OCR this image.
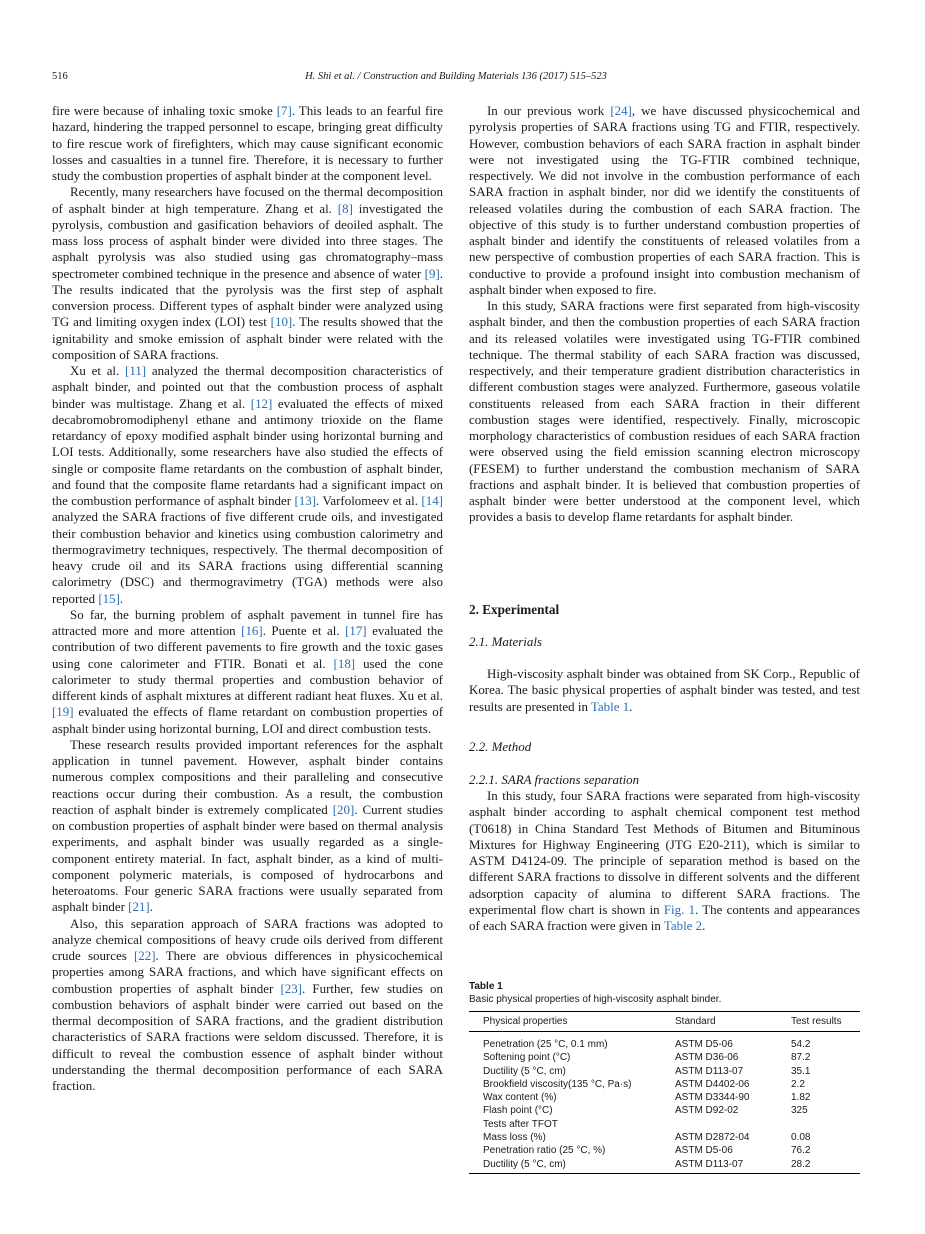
516	H. Shi et al. / Construction and Building Materials 136 (2017) 515–523

fire were because of inhaling toxic smoke [7]. This leads to an fearful fire hazard, hindering the trapped personnel to escape, bringing great difficulty to fire rescue work of firefighters, which may cause significant economic losses and casualties in a tunnel fire. Therefore, it is necessary to further study the combustion properties of asphalt binder at the component level.

Recently, many researchers have focused on the thermal decomposition of asphalt binder at high temperature. Zhang et al. [8] investigated the pyrolysis, combustion and gasification behaviors of deoiled asphalt. The mass loss process of asphalt binder were divided into three stages. The asphalt pyrolysis was also studied using gas chromatography–mass spectrometer combined technique in the presence and absence of water [9]. The results indicated that the pyrolysis was the first step of asphalt conversion process. Different types of asphalt binder were analyzed using TG and limiting oxygen index (LOI) test [10]. The results showed that the ignitability and smoke emission of asphalt binder were related with the composition of SARA fractions.

Xu et al. [11] analyzed the thermal decomposition characteristics of asphalt binder, and pointed out that the combustion process of asphalt binder was multistage. Zhang et al. [12] evaluated the effects of mixed decabromobromodiphenyl ethane and antimony trioxide on the flame retardancy of epoxy modified asphalt binder using horizontal burning and LOI tests. Additionally, some researchers have also studied the effects of single or composite flame retardants on the combustion of asphalt binder, and found that the composite flame retardants had a significant impact on the combustion performance of asphalt binder [13]. Varfolomeev et al. [14] analyzed the SARA fractions of five different crude oils, and investigated their combustion behavior and kinetics using combustion calorimetry and thermogravimetry techniques, respectively. The thermal decomposition of heavy crude oil and its SARA fractions using differential scanning calorimetry (DSC) and thermogravimetry (TGA) methods were also reported [15].

So far, the burning problem of asphalt pavement in tunnel fire has attracted more and more attention [16]. Puente et al. [17] evaluated the contribution of two different pavements to fire growth and the toxic gases using cone calorimeter and FTIR. Bonati et al. [18] used the cone calorimeter to study thermal properties and combustion behavior of different kinds of asphalt mixtures at different radiant heat fluxes. Xu et al. [19] evaluated the effects of flame retardant on combustion properties of asphalt binder using horizontal burning, LOI and direct combustion tests.

These research results provided important references for the asphalt application in tunnel pavement. However, asphalt binder contains numerous complex compositions and their paralleling and consecutive reactions occur during their combustion. As a result, the combustion reaction of asphalt binder is extremely complicated [20]. Current studies on combustion properties of asphalt binder were based on thermal analysis experiments, and asphalt binder was usually regarded as a single-component entirety material. In fact, asphalt binder, as a kind of multi-component polymeric materials, is composed of hydrocarbons and heteroatoms. Four generic SARA fractions were usually separated from asphalt binder [21].

Also, this separation approach of SARA fractions was adopted to analyze chemical compositions of heavy crude oils derived from different crude sources [22]. There are obvious differences in physicochemical properties among SARA fractions, and which have significant effects on combustion properties of asphalt binder [23]. Further, few studies on combustion behaviors of asphalt binder were carried out based on the thermal decomposition of SARA fractions, and the gradient distribution characteristics of SARA fractions were seldom discussed. Therefore, it is difficult to reveal the combustion essence of asphalt binder without understanding the thermal decomposition performance of each SARA fraction.

In our previous work [24], we have discussed physicochemical and pyrolysis properties of SARA fractions using TG and FTIR, respectively. However, combustion behaviors of each SARA fraction in asphalt binder were not investigated using the TG-FTIR combined technique, respectively. We did not involve in the combustion performance of each SARA fraction in asphalt binder, nor did we identify the constituents of released volatiles during the combustion of each SARA fraction. The objective of this study is to further understand combustion properties of asphalt binder and identify the constituents of released volatiles from a new perspective of combustion properties of each SARA fraction. This is conductive to provide a profound insight into combustion mechanism of asphalt binder when exposed to fire.

In this study, SARA fractions were first separated from high-viscosity asphalt binder, and then the combustion properties of each SARA fraction and its released volatiles were investigated using TG-FTIR combined technique. The thermal stability of each SARA fraction was discussed, respectively, and their temperature gradient distribution characteristics in different combustion stages were analyzed. Furthermore, gaseous volatile constituents released from each SARA fraction in their different combustion stages were identified, respectively. Finally, microscopic morphology characteristics of combustion residues of each SARA fraction were observed using the field emission scanning electron microscopy (FESEM) to further understand the combustion mechanism of SARA fractions and asphalt binder. It is believed that combustion properties of asphalt binder were better understood at the component level, which provides a basis to develop flame retardants for asphalt binder.

2. Experimental
2.1. Materials

High-viscosity asphalt binder was obtained from SK Corp., Republic of Korea. The basic physical properties of asphalt binder was tested, and test results are presented in Table 1.

2.2. Method
2.2.1. SARA fractions separation

In this study, four SARA fractions were separated from high-viscosity asphalt binder according to asphalt chemical component test method (T0618) in China Standard Test Methods of Bitumen and Bituminous Mixtures for Highway Engineering (JTG E20-211), which is similar to ASTM D4124-09. The principle of separation method is based on the different SARA fractions to dissolve in different solvents and the different adsorption capacity of alumina to different SARA fractions. The experimental flow chart is shown in Fig. 1. The contents and appearances of each SARA fraction were given in Table 2.

Table 1
Basic physical properties of high-viscosity asphalt binder.
Physical properties	Standard	Test results
Penetration (25 °C, 0.1 mm)	ASTM D5-06	54.2
Softening point (°C)	ASTM D36-06	87.2
Ductility (5 °C, cm)	ASTM D113-07	35.1
Brookfield viscosity(135 °C, Pa·s)	ASTM D4402-06	2.2
Wax content (%)	ASTM D3344-90	1.82
Flash point (°C)	ASTM D92-02	325
Tests after TFOT		
Mass loss (%)	ASTM D2872-04	0.08
Penetration ratio (25 °C, %)	ASTM D5-06	76.2
Ductility (5 °C, cm)	ASTM D113-07	28.2
